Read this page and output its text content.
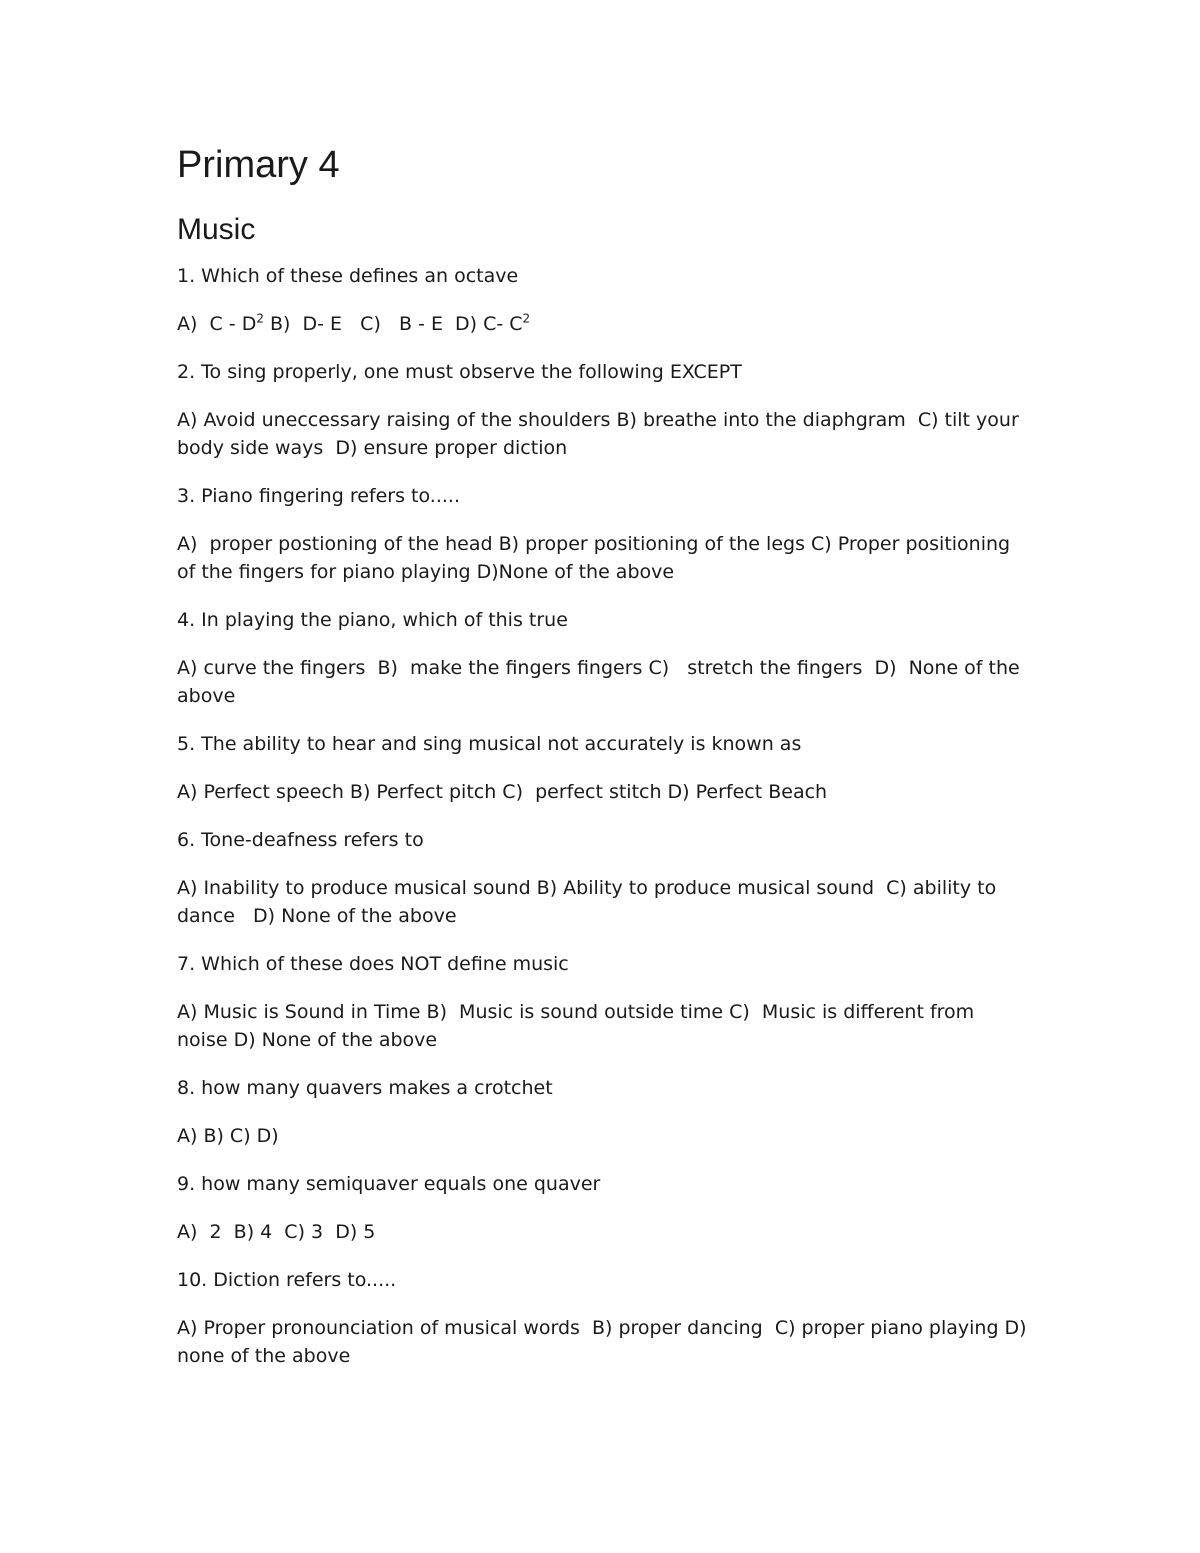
Primary 4
Music

1. Which of these defines an octave

A)  C - $D^2$ B)  D- E   C)   B - E  D) C- $C^2$

2. To sing properly, one must observe the following EXCEPT

A) Avoid uneccessary raising of the shoulders B) breathe into the diaphgram  C) tilt your body side ways  D) ensure proper diction

3. Piano fingering refers to.....

A)  proper postioning of the head B) proper positioning of the legs C) Proper positioning of the fingers for piano playing D)None of the above

4. In playing the piano, which of this true

A) curve the fingers  B)  make the fingers fingers C)   stretch the fingers  D)  None of the above

5. The ability to hear and sing musical not accurately is known as

A) Perfect speech B) Perfect pitch C)  perfect stitch D) Perfect Beach

6. Tone-deafness refers to

A) Inability to produce musical sound B) Ability to produce musical sound  C) ability to dance   D) None of the above

7. Which of these does NOT define music

A) Music is Sound in Time B)  Music is sound outside time C)  Music is different from noise D) None of the above

8. how many quavers makes a crotchet

A) B) C) D)

9. how many semiquaver equals one quaver

A)  2  B) 4  C) 3  D) 5

10. Diction refers to.....

A) Proper pronounciation of musical words  B) proper dancing  C) proper piano playing D) none of the above
